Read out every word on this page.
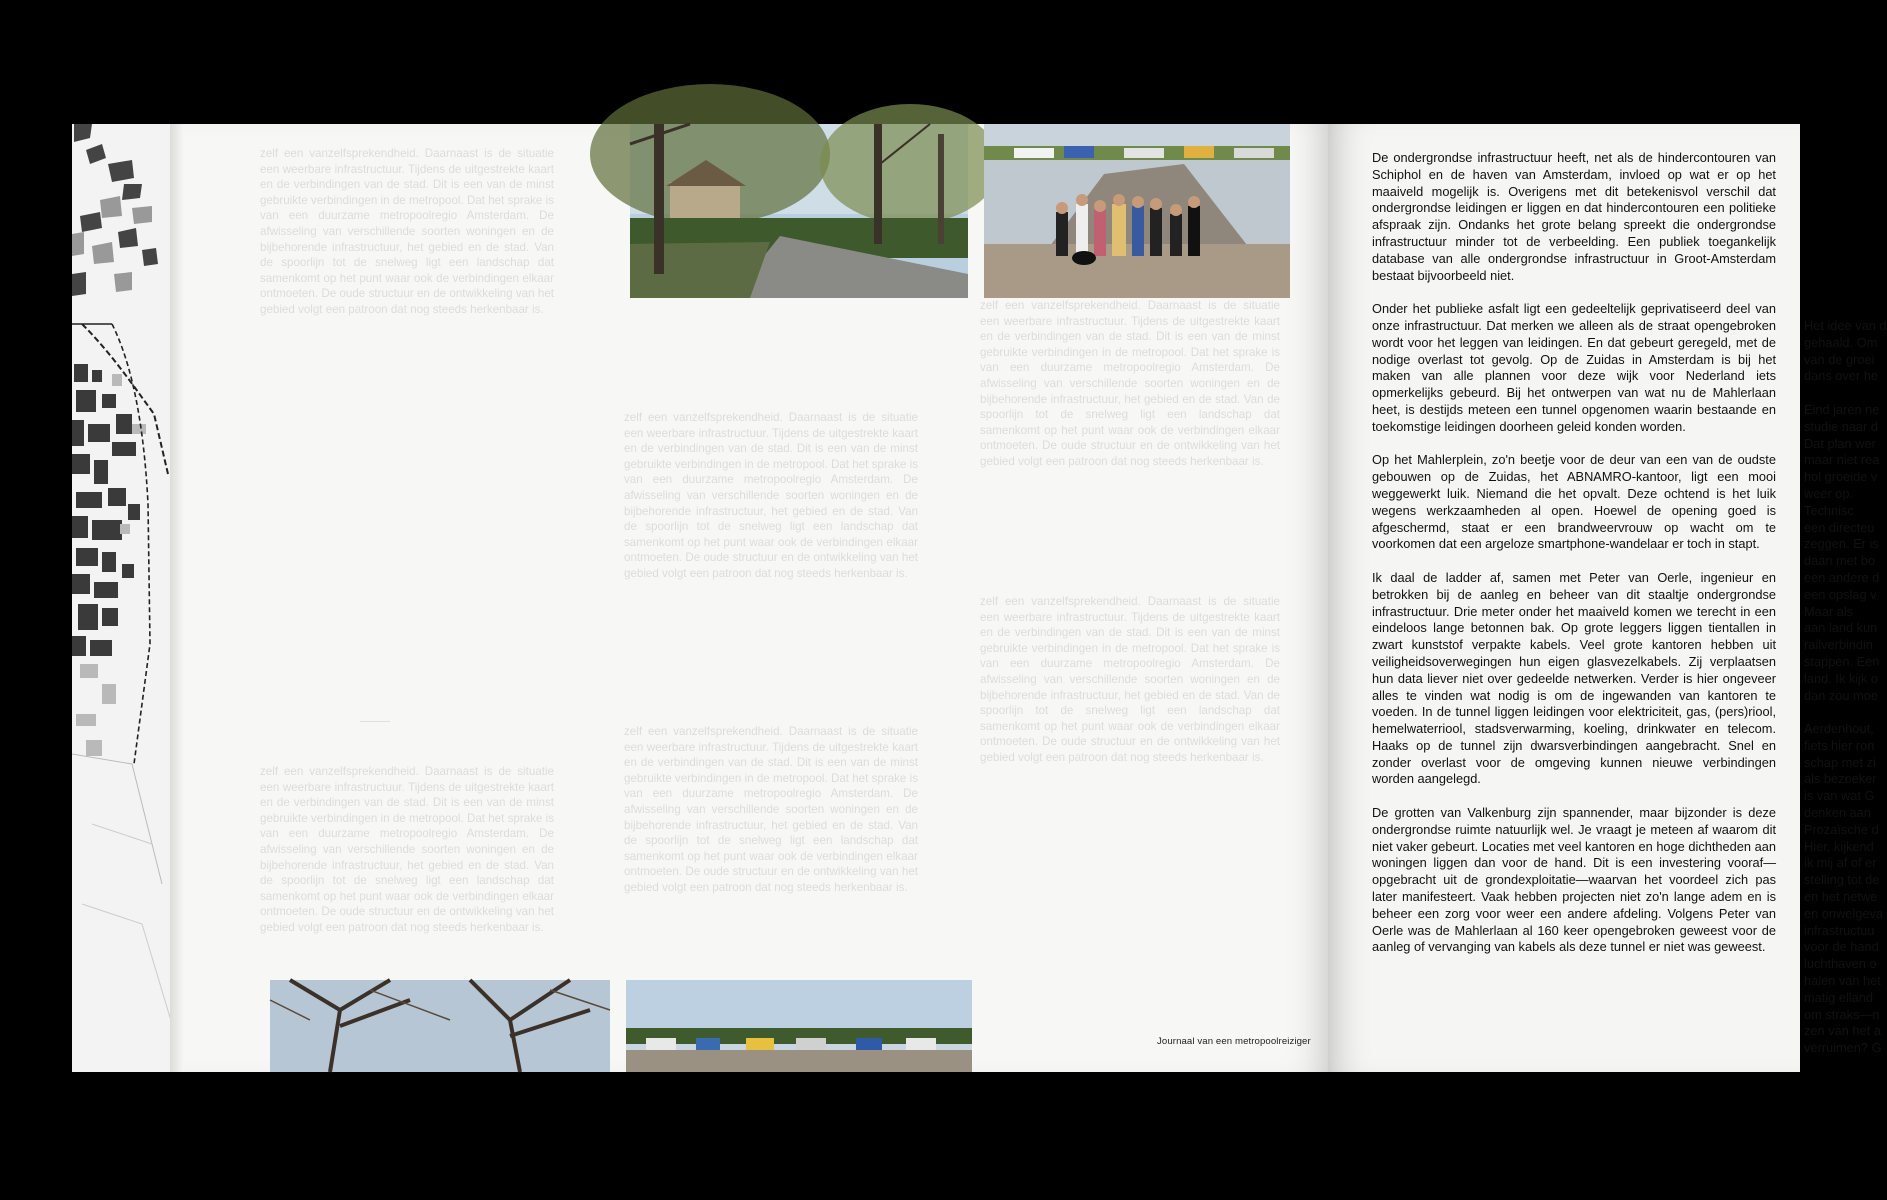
zelf een vanzelfsprekendheid. Daarnaast is de situatie een weerbare infrastructuur. Tijdens de uitgestrekte kaart en de verbindingen van de stad. Dit is een van de minst gebruikte verbindingen in de metropool. Dat het sprake is van een duurzame metropoolregio Amsterdam. De afwisseling van verschillende soorten woningen en de bijbehorende infrastructuur, het gebied en de stad. Van de spoorlijn tot de snelweg ligt een landschap dat samenkomt op het punt waar ook de verbindingen elkaar ontmoeten. De oude structuur en de ontwikkeling van het gebied volgt een patroon dat nog steeds herkenbaar is.
zelf een vanzelfsprekendheid. Daarnaast is de situatie een weerbare infrastructuur. Tijdens de uitgestrekte kaart en de verbindingen van de stad. Dit is een van de minst gebruikte verbindingen in de metropool. Dat het sprake is van een duurzame metropoolregio Amsterdam. De afwisseling van verschillende soorten woningen en de bijbehorende infrastructuur, het gebied en de stad. Van de spoorlijn tot de snelweg ligt een landschap dat samenkomt op het punt waar ook de verbindingen elkaar ontmoeten. De oude structuur en de ontwikkeling van het gebied volgt een patroon dat nog steeds herkenbaar is.
zelf een vanzelfsprekendheid. Daarnaast is de situatie een weerbare infrastructuur. Tijdens de uitgestrekte kaart en de verbindingen van de stad. Dit is een van de minst gebruikte verbindingen in de metropool. Dat het sprake is van een duurzame metropoolregio Amsterdam. De afwisseling van verschillende soorten woningen en de bijbehorende infrastructuur, het gebied en de stad. Van de spoorlijn tot de snelweg ligt een landschap dat samenkomt op het punt waar ook de verbindingen elkaar ontmoeten. De oude structuur en de ontwikkeling van het gebied volgt een patroon dat nog steeds herkenbaar is.
zelf een vanzelfsprekendheid. Daarnaast is de situatie een weerbare infrastructuur. Tijdens de uitgestrekte kaart en de verbindingen van de stad. Dit is een van de minst gebruikte verbindingen in de metropool. Dat het sprake is van een duurzame metropoolregio Amsterdam. De afwisseling van verschillende soorten woningen en de bijbehorende infrastructuur, het gebied en de stad. Van de spoorlijn tot de snelweg ligt een landschap dat samenkomt op het punt waar ook de verbindingen elkaar ontmoeten. De oude structuur en de ontwikkeling van het gebied volgt een patroon dat nog steeds herkenbaar is.
zelf een vanzelfsprekendheid. Daarnaast is de situatie een weerbare infrastructuur. Tijdens de uitgestrekte kaart en de verbindingen van de stad. Dit is een van de minst gebruikte verbindingen in de metropool. Dat het sprake is van een duurzame metropoolregio Amsterdam. De afwisseling van verschillende soorten woningen en de bijbehorende infrastructuur, het gebied en de stad. Van de spoorlijn tot de snelweg ligt een landschap dat samenkomt op het punt waar ook de verbindingen elkaar ontmoeten. De oude structuur en de ontwikkeling van het gebied volgt een patroon dat nog steeds herkenbaar is.
zelf een vanzelfsprekendheid. Daarnaast is de situatie een weerbare infrastructuur. Tijdens de uitgestrekte kaart en de verbindingen van de stad. Dit is een van de minst gebruikte verbindingen in de metropool. Dat het sprake is van een duurzame metropoolregio Amsterdam. De afwisseling van verschillende soorten woningen en de bijbehorende infrastructuur, het gebied en de stad. Van de spoorlijn tot de snelweg ligt een landschap dat samenkomt op het punt waar ook de verbindingen elkaar ontmoeten. De oude structuur en de ontwikkeling van het gebied volgt een patroon dat nog steeds herkenbaar is.
———
Journaal van een metropoolreiziger

De ondergrondse infrastructuur heeft, net als de hindercontouren van Schiphol en de haven van Amsterdam, invloed op wat er op het maaiveld mogelijk is. Overigens met dit betekenisvol verschil dat ondergrondse leidingen er liggen en dat hindercontouren een politieke afspraak zijn. Ondanks het grote belang spreekt die ondergrondse infrastructuur minder tot de verbeelding. Een publiek toegankelijk database van alle ondergrondse infrastructuur in Groot-Amsterdam bestaat bijvoorbeeld niet.

Onder het publieke asfalt ligt een gedeeltelijk geprivatiseerd deel van onze infrastructuur. Dat merken we alleen als de straat opengebroken wordt voor het leggen van leidingen. En dat gebeurt geregeld, met de nodige overlast tot gevolg. Op de Zuidas in Amsterdam is bij het maken van alle plannen voor deze wijk voor Nederland iets opmerkelijks gebeurd. Bij het ontwerpen van wat nu de Mahlerlaan heet, is destijds meteen een tunnel opgenomen waarin bestaande en toekomstige leidingen doorheen geleid konden worden.

Op het Mahlerplein, zo'n beetje voor de deur van een van de oudste gebouwen op de Zuidas, het ABNAMRO-kantoor, ligt een mooi weggewerkt luik. Niemand die het opvalt. Deze ochtend is het luik wegens werkzaamheden al open. Hoewel de opening goed is afgeschermd, staat er een brandweervrouw op wacht om te voorkomen dat een argeloze smartphone-wandelaar er toch in stapt.

Ik daal de ladder af, samen met Peter van Oerle, ingenieur en betrokken bij de aanleg en beheer van dit staaltje ondergrondse infrastructuur. Drie meter onder het maaiveld komen we terecht in een eindeloos lange betonnen bak. Op grote leggers liggen tientallen in zwart kunststof verpakte kabels. Veel grote kantoren hebben uit veiligheidsoverwegingen hun eigen glasvezelkabels. Zij verplaatsen hun data liever niet over gedeelde netwerken. Verder is hier ongeveer alles te vinden wat nodig is om de ingewanden van kantoren te voeden. In de tunnel liggen leidingen voor elektriciteit, gas, (pers)riool, hemelwaterriool, stadsverwarming, koeling, drinkwater en telecom. Haaks op de tunnel zijn dwarsverbindingen aangebracht. Snel en zonder overlast voor de omgeving kunnen nieuwe verbindingen worden aangelegd.

De grotten van Valkenburg zijn spannender, maar bijzonder is deze ondergrondse ruimte natuurlijk wel. Je vraagt je meteen af waarom dit niet vaker gebeurt. Locaties met veel kantoren en hoge dichtheden aan woningen liggen dan voor de hand. Dit is een investering vooraf—opgebracht uit de grondexploitatie—waarvan het voordeel zich pas later manifesteert. Vaak hebben projecten niet zo'n lange adem en is beheer een zorg voor weer een andere afdeling. Volgens Peter van Oerle was de Mahlerlaan al 160 keer opengebroken geweest voor de aanleg of vervanging van kabels als deze tunnel er niet was geweest.

Het idee van d
gehaald. Om
van de groei
dans over he

Eind jaren ne
studie naar d
Dat plan wer
maar niet rea
hol groeide v
weer op.
Technisc
een directeu
zeggen. Er is
daan met bo
een andere d
een opslag v
Maar als
aan land kun
railverbindin
stappen. Een
land. Ik kijk o
dan zou moe

Aerdenhout,
fiets hier ron
schap met zi
als bezoeker
is van wat G
denken aan
Prozaïsche d
Hier, kijkend
ik mij af of er
stelling tot de
en het netwe
en onwelgeva
infrastructuu
voor de hand
luchthaven o
halen van het
matig elland
om straks—n
zen van het a
verruimen? G
